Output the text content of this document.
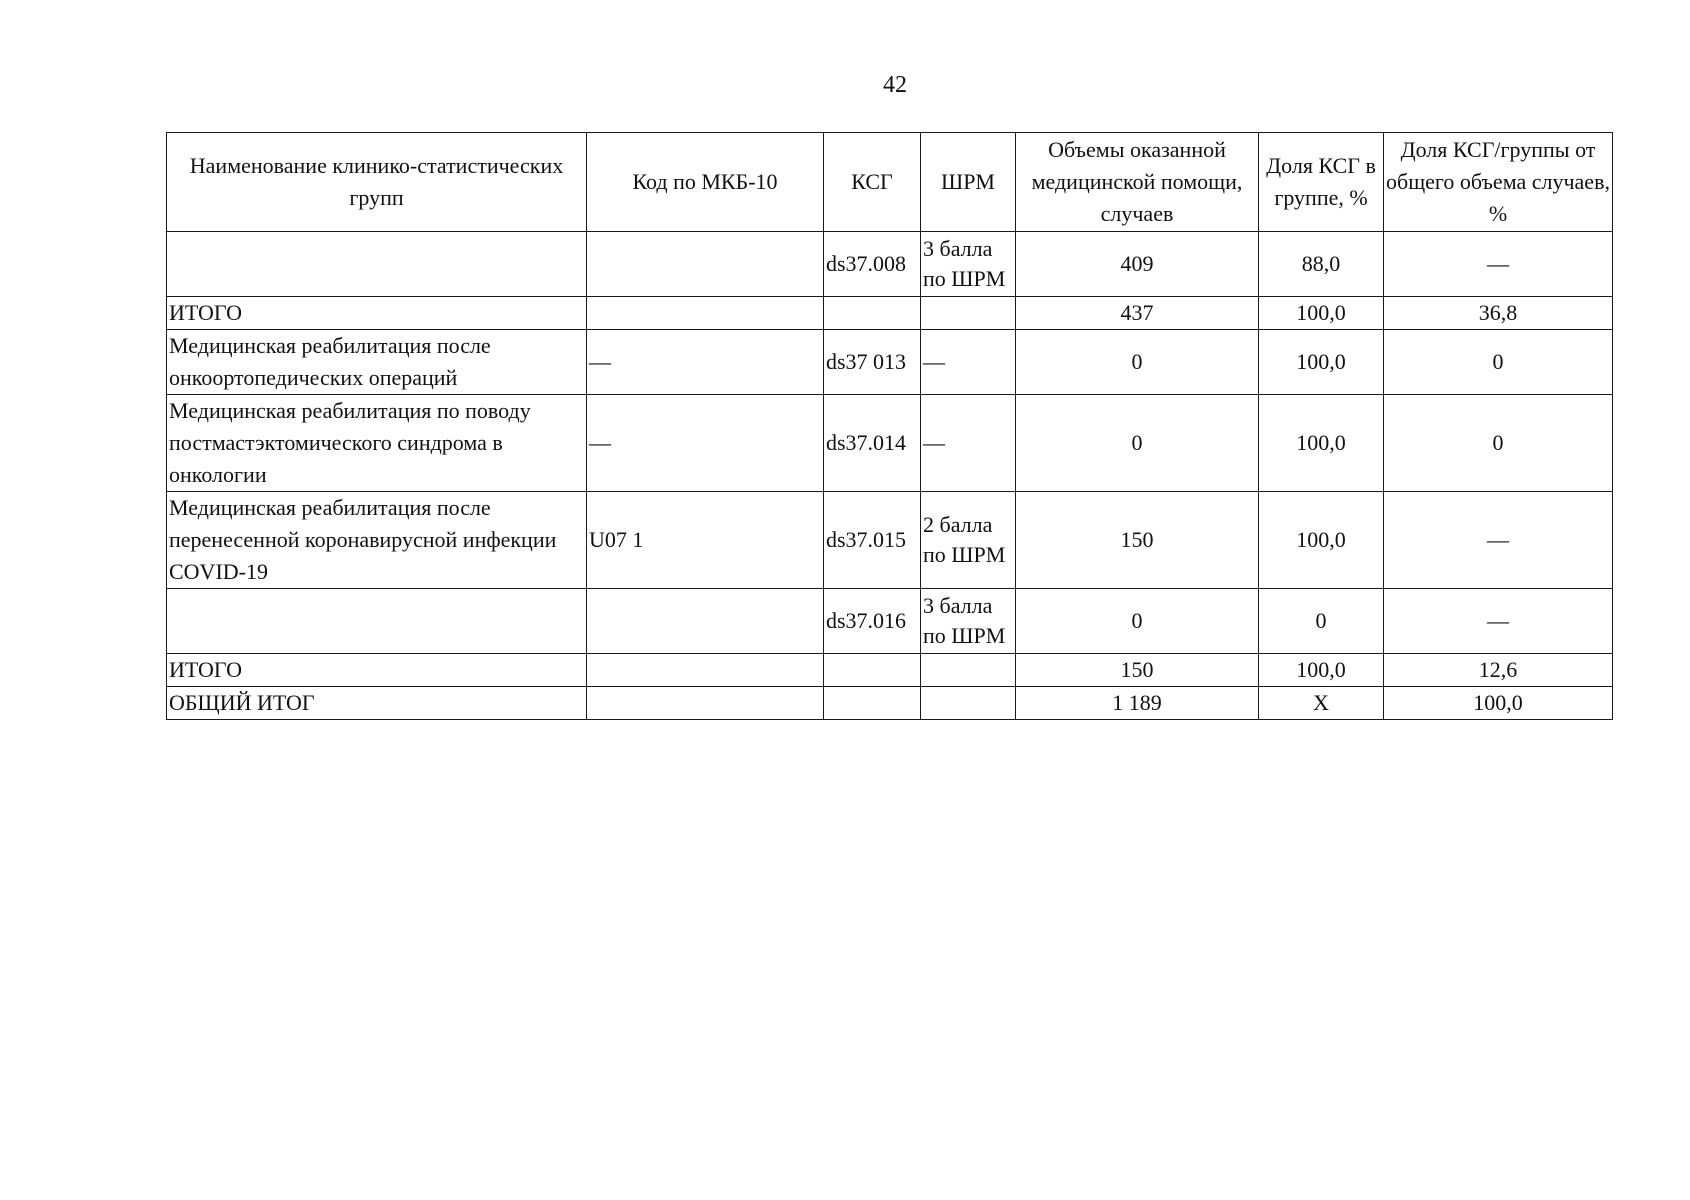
42
Наименование клинико-статистических групп	Код по МКБ-10	КСГ	ШРМ	Объемы оказанной медицинской помощи, случаев	Доля КСГ в группе, %	Доля КСГ/группы от общего объема случаев, %
		ds37.008	3 балла по ШРМ	409	88,0	—
ИТОГО				437	100,0	36,8
Медицинская реабилитация после онкоортопедических операций	—	ds37 013	—	0	100,0	0
Медицинская реабилитация по поводу постмастэктомического синдрома в онкологии	—	ds37.014	—	0	100,0	0
Медицинская реабилитация после перенесенной коронавирусной инфекции COVID-19	U07 1	ds37.015	2 балла по ШРМ	150	100,0	—
		ds37.016	3 балла по ШРМ	0	0	—
ИТОГО				150	100,0	12,6
ОБЩИЙ ИТОГ				1 189	Х	100,0
